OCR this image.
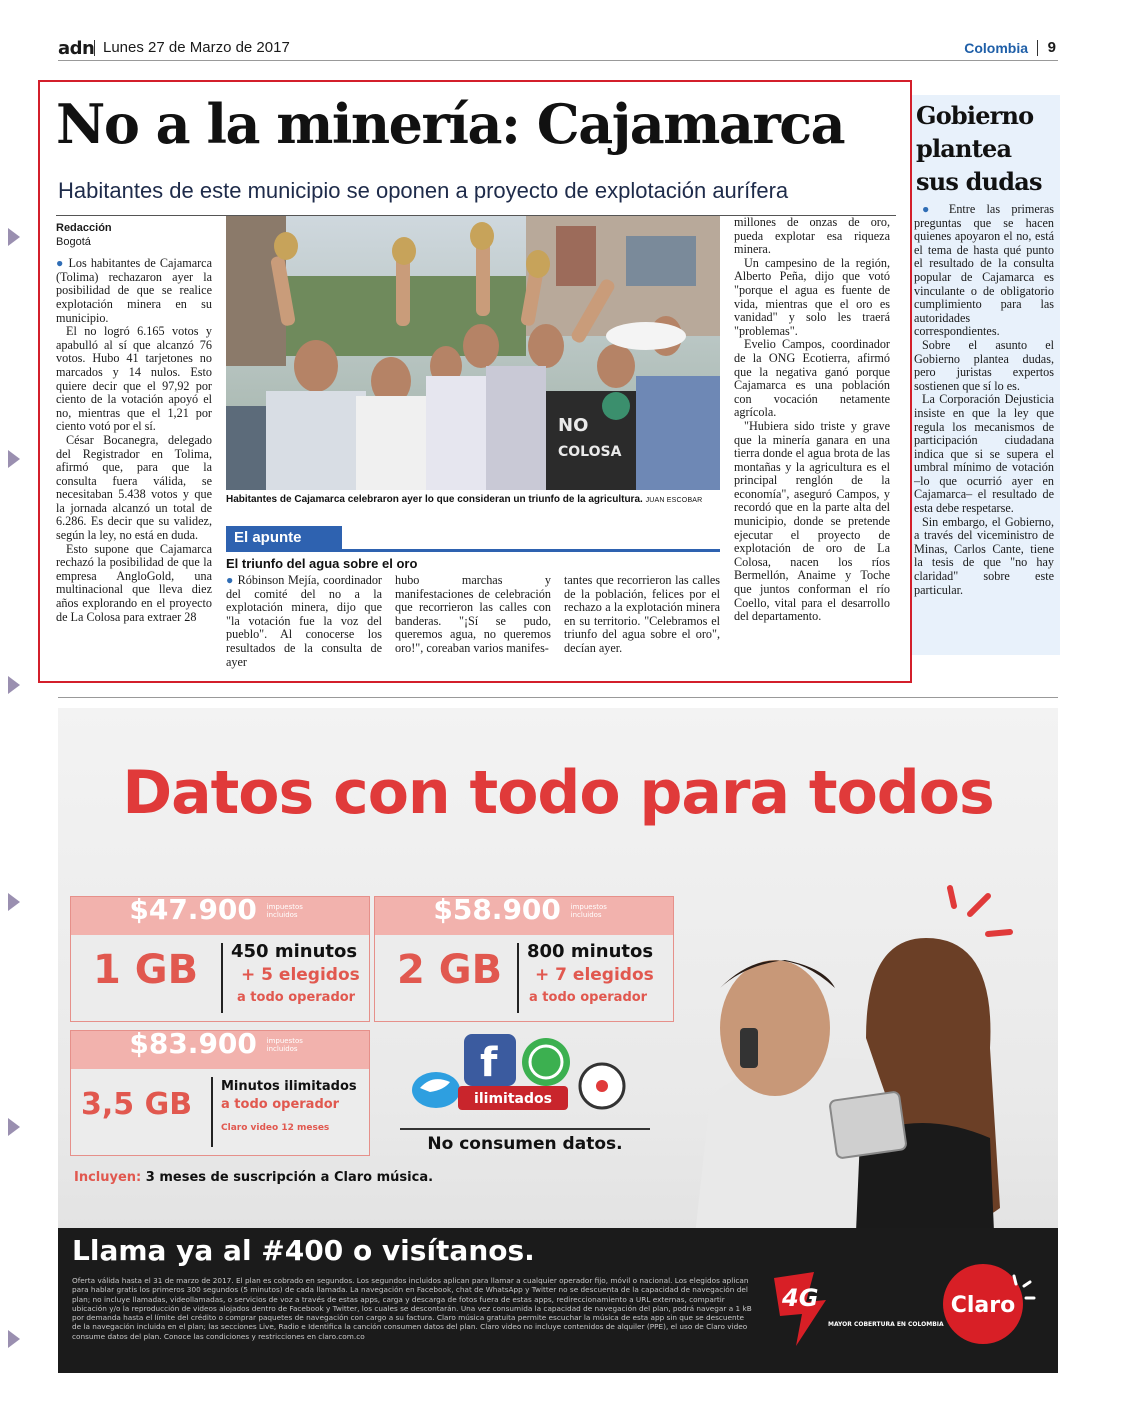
adn Lunes 27 de Marzo de 2017	Colombia 9
Gobierno
plantea
sus dudas

● Entre las primeras preguntas que se hacen quienes apoyaron el no, está el tema de hasta qué punto el resultado de la consulta popular de Cajamarca es vinculante o de obligatorio cumplimiento para las autoridades correspondientes.

Sobre el asunto el Gobierno plantea dudas, pero juristas expertos sostienen que sí lo es.

La Corporación Dejusticia insiste en que la ley que regula los mecanismos de participación ciudadana indica que si se supera el umbral mínimo de votación –lo que ocurrió ayer en Cajamarca– el resultado de esta debe respetarse.

Sin embargo, el Gobierno, a través del viceministro de Minas, Carlos Cante, tiene la tesis de que "no hay claridad" sobre este particular.

No a la minería: Cajamarca
Habitantes de este municipio se oponen a proyecto de explotación aurífera
Redacción
Bogotá

● Los habitantes de Cajamarca (Tolima) rechazaron ayer la posibilidad de que se realice explotación minera en su municipio.

El no logró 6.165 votos y apabulló al sí que alcanzó 76 votos. Hubo 41 tarjetones no marcados y 14 nulos. Esto quiere decir que el 97,92 por ciento de la votación apoyó el no, mientras que el 1,21 por ciento votó por el sí.

César Bocanegra, delegado del Registrador en Tolima, afirmó que, para que la consulta fuera válida, se necesitaban 5.438 votos y que la jornada alcanzó un total de 6.286. Es decir que su validez, según la ley, no está en duda.

Esto supone que Cajamarca rechazó la posibilidad de que la empresa AngloGold, una multinacional que lleva diez años explorando en el proyecto de La Colosa para extraer 28

NO
COLOSA
Habitantes de Cajamarca celebraron ayer lo que consideran un triunfo de la agricultura. JUAN ESCOBAR
El apunte
El triunfo del agua sobre el oro

● Róbinson Mejía, coordinador del comité del no a la explotación minera, dijo que "la votación fue la voz del pueblo". Al conocerse los resultados de la consulta de ayer

hubo marchas y manifestaciones de celebración que recorrieron las calles con banderas. "¡Sí se pudo, queremos agua, no queremos oro!", coreaban varios manifes-

tantes que recorrieron las calles de la población, felices por el rechazo a la explotación minera en su territorio. "Celebramos el triunfo del agua sobre el oro", decían ayer.

millones de onzas de oro, pueda explotar esa riqueza minera.

Un campesino de la región, Alberto Peña, dijo que votó "porque el agua es fuente de vida, mientras que el oro es vanidad" y solo les traerá "problemas".

Evelio Campos, coordinador de la ONG Ecotierra, afirmó que la negativa ganó porque Cajamarca es una población con vocación netamente agrícola.

"Hubiera sido triste y grave que la minería ganara en una tierra donde el agua brota de las montañas y la agricultura es el principal renglón de la economía", aseguró Campos, y recordó que en la parte alta del municipio, donde se pretende ejecutar el proyecto de explotación de oro de La Colosa, nacen los ríos Bermellón, Anaime y Toche que juntos conforman el río Coello, vital para el desarrollo del departamento.

Datos con todo para todos
$47.900 impuestos incluidos
1 GB 450 minutos
+ 5 elegidos
a todo operador
$58.900 impuestos incluidos
2 GB 800 minutos
+ 7 elegidos
a todo operador
$83.900 impuestos incluidos
3,5 GB
Minutos ilimitados
a todo operador
Claro video 12 meses
f
ilimitados
No consumen datos.
Incluyen: 3 meses de suscripción a Claro música.
Llama ya al #400 o visítanos.
Oferta válida hasta el 31 de marzo de 2017. El plan es cobrado en segundos. Los segundos incluidos aplican para llamar a cualquier operador fijo, móvil o nacional. Los elegidos aplican para hablar gratis los primeros 300 segundos (5 minutos) de cada llamada. La navegación en Facebook, chat de WhatsApp y Twitter no se descuenta de la capacidad de navegación del plan; no incluye llamadas, videollamadas, o servicios de voz a través de estas apps, carga y descarga de fotos fuera de estas apps, redireccionamiento a URL externas, compartir ubicación y/o la reproducción de videos alojados dentro de Facebook y Twitter, los cuales se descontarán. Una vez consumida la capacidad de navegación del plan, podrá navegar a 1 kB por demanda hasta el límite del crédito o comprar paquetes de navegación con cargo a su factura. Claro música gratuita permite escuchar la música de esta app sin que se descuente de la navegación incluida en el plan; las secciones Live, Radio e Identifica la canción consumen datos del plan. Claro video no incluye contenidos de alquiler (PPE), el uso de Claro video consume datos del plan. Conoce las condiciones y restricciones en claro.com.co
4G
MAYOR COBERTURA EN COLOMBIA
Claro
